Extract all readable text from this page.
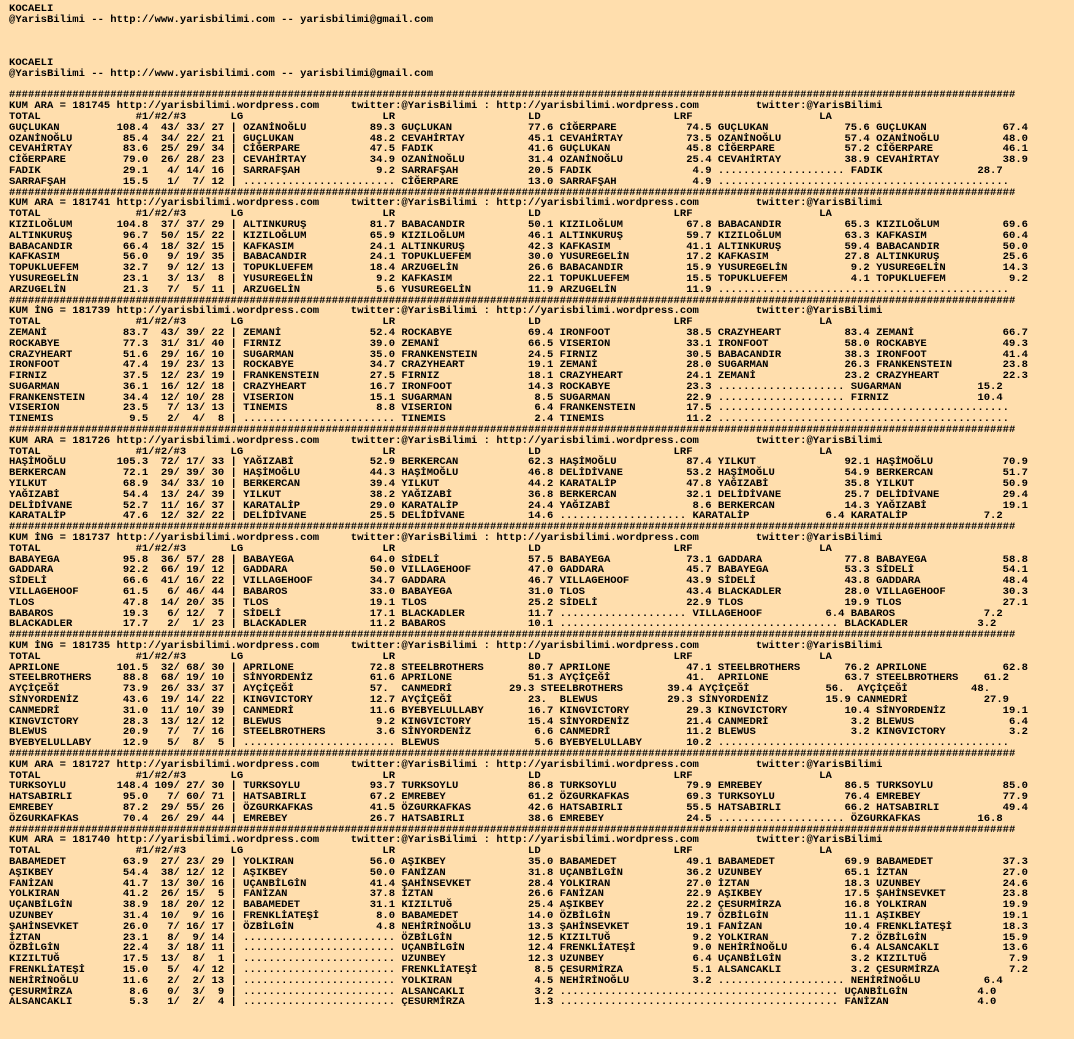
KOCAELI
@YarisBilimi -- http://www.yarisbilimi.com -- yarisbilimi@gmail.com

KOCAELI
@YarisBilimi -- http://www.yarisbilimi.com -- yarisbilimi@gmail.com

###############################################################################################################################################################
KUM ARA = 181745 http://yarisbilimi.wordpress.com     twitter:@YarisBilimi : http://yarisbilimi.wordpress.com         twitter:@YarisBilimi
TOTAL               #1/#2/#3       LG                      LR                     LD                     LRF                    LA
GUÇLUKAN         108.4  43/ 33/ 27 | OZANİNOĞLU          89.3 GUÇLUKAN            77.6 CİĞERPARE           74.5 GUÇLUKAN            75.6 GUÇLUKAN            67.4
OZANİNOĞLU        85.4  34/ 22/ 21 | GUÇLUKAN            48.2 CEVAHİRTAY          45.1 CEVAHİRTAY          73.5 OZANİNOĞLU          57.4 OZANİNOĞLU          48.0
CEVAHİRTAY        83.6  25/ 29/ 34 | CİĞERPARE           47.5 FADIK               41.6 GUÇLUKAN            45.8 CİĞERPARE           57.2 CİĞERPARE           46.1
CİĞERPARE         79.0  26/ 28/ 23 | CEVAHİRTAY          34.9 OZANİNOĞLU          31.4 OZANİNOĞLU          25.4 CEVAHİRTAY          38.9 CEVAHİRTAY          38.9
FADIK             29.1   4/ 14/ 16 | SARRAFŞAH            9.2 SARRAFŞAH           20.5 FADIK                4.9 .................... FADIK               28.7
SARRAFŞAH         15.5   1/  7/ 12 | ........................ CİĞERPARE           13.0 SARRAFŞAH            4.9 ..............................................
###############################################################################################################################################################
KUM ARA = 181741 http://yarisbilimi.wordpress.com     twitter:@YarisBilimi : http://yarisbilimi.wordpress.com         twitter:@YarisBilimi
TOTAL               #1/#2/#3       LG                      LR                     LD                     LRF                    LA
KIZILOĞLUM       104.8  37/ 37/ 29 | ALTINKURUŞ          81.7 BABACANDIR          50.1 KIZILOĞLUM          67.8 BABACANDIR          65.3 KIZILOĞLUM          69.6
ALTINKURUŞ        96.7  50/ 15/ 22 | KIZILOĞLUM          65.9 KIZILOĞLUM          46.1 ALTINKURUŞ          59.7 KIZILOĞLUM          63.3 KAFKASIM            60.4
BABACANDIR        66.4  18/ 32/ 15 | KAFKASIM            24.1 ALTINKURUŞ          42.3 KAFKASIM            41.1 ALTINKURUŞ          59.4 BABACANDIR          50.0
KAFKASIM          56.0   9/ 19/ 35 | BABACANDIR          24.1 TOPUKLUEFEM         30.0 YUSUREGELİN         17.2 KAFKASIM            27.8 ALTINKURUŞ          25.6
TOPUKLUEFEM       32.7   9/ 12/ 13 | TOPUKLUEFEM         18.4 ARZUGELİN           26.6 BABACANDIR          15.9 YUSUREGELİN          9.2 YUSUREGELİN         14.3
YUSUREGELİN       23.1   3/ 13/  8 | YUSUREGELİN          9.2 KAFKASIM            22.1 TOPUKLUEFEM         15.5 TOPUKLUEFEM          4.1 TOPUKLUEFEM          9.2
ARZUGELİN         21.3   7/  5/ 11 | ARZUGELİN            5.6 YUSUREGELİN         11.9 ARZUGELİN           11.9 ..............................................
###############################################################################################################################################################
KUM İNG = 181739 http://yarisbilimi.wordpress.com     twitter:@YarisBilimi : http://yarisbilimi.wordpress.com         twitter:@YarisBilimi
TOTAL               #1/#2/#3       LG                      LR                     LD                     LRF                    LA
ZEMANİ            83.7  43/ 39/ 22 | ZEMANİ              52.4 ROCKABYE            69.4 IRONFOOT            38.5 CRAZYHEART          83.4 ZEMANİ              66.7
ROCKABYE          77.3  31/ 31/ 40 | FIRNIZ              39.0 ZEMANİ              66.5 VISERION            33.1 IRONFOOT            58.0 ROCKABYE            49.3
CRAZYHEART        51.6  29/ 16/ 10 | SUGARMAN            35.0 FRANKENSTEIN        24.5 FIRNIZ              30.5 BABACANDIR          38.3 IRONFOOT            41.4
IRONFOOT          47.4  19/ 23/ 13 | ROCKABYE            34.7 CRAZYHEART          19.1 ZEMANİ              28.0 SUGARMAN            26.3 FRANKENSTEIN        23.8
FIRNIZ            37.5  12/ 23/ 19 | FRANKENSTEIN        27.5 FIRNIZ              18.1 CRAZYHEART          24.1 ZEMANİ              23.2 CRAZYHEART          22.3
SUGARMAN          36.1  16/ 12/ 18 | CRAZYHEART          16.7 IRONFOOT            14.3 ROCKABYE            23.3 .................... SUGARMAN            15.2
FRANKENSTEIN      34.4  12/ 10/ 28 | VISERION            15.1 SUGARMAN             8.5 SUGARMAN            22.9 .................... FIRNIZ              10.4
VISERION          23.5   7/ 13/ 13 | TINEMIS              8.8 VISERION             6.4 FRANKENSTEIN        17.5 ..............................................
TINEMIS            9.5   2/  4/  8 | ........................ TINEMIS              2.4 TINEMIS             11.2 ..............................................
###############################################################################################################################################################
KUM ARA = 181726 http://yarisbilimi.wordpress.com     twitter:@YarisBilimi : http://yarisbilimi.wordpress.com         twitter:@YarisBilimi
TOTAL               #1/#2/#3       LG                      LR                     LD                     LRF                    LA
HAŞİMOĞLU        105.3  72/ 17/ 33 | YAĞIZABİ            52.9 BERKERCAN           62.3 HAŞİMOĞLU           87.4 YILKUT              92.1 HAŞİMOĞLU           70.9
BERKERCAN         72.1  29/ 39/ 30 | HAŞİMOĞLU           44.3 HAŞİMOĞLU           46.8 DELİDİVANE          53.2 HAŞİMOĞLU           54.9 BERKERCAN           51.7
YILKUT            68.9  34/ 33/ 10 | BERKERCAN           39.4 YILKUT              44.2 KARATALİP           47.8 YAĞIZABİ            35.8 YILKUT              50.9
YAĞIZABİ          54.4  13/ 24/ 39 | YILKUT              38.2 YAĞIZABİ            36.8 BERKERCAN           32.1 DELİDİVANE          25.7 DELİDİVANE          29.4
DELİDİVANE        52.7  11/ 16/ 37 | KARATALİP           29.0 KARATALİP           24.4 YAĞIZABİ             8.6 BERKERCAN           14.3 YAĞIZABİ            19.1
KARATALİP         47.6  12/ 32/ 22 | DELİDİVANE          25.5 DELİDİVANE          14.6 .................... KARATALİP            6.4 KARATALİP            7.2
###############################################################################################################################################################
KUM İNG = 181737 http://yarisbilimi.wordpress.com     twitter:@YarisBilimi : http://yarisbilimi.wordpress.com         twitter:@YarisBilimi
TOTAL               #1/#2/#3       LG                      LR                     LD                     LRF                    LA
BABAYEGA          95.8  36/ 57/ 28 | BABAYEGA            64.0 SİDELİ              57.5 BABAYEGA            73.1 GADDARA             77.8 BABAYEGA            58.8
GADDARA           92.2  66/ 19/ 12 | GADDARA             50.0 VILLAGEHOOF         47.0 GADDARA             45.7 BABAYEGA            53.3 SİDELİ              54.1
SİDELİ            66.6  41/ 16/ 22 | VILLAGEHOOF         34.7 GADDARA             46.7 VILLAGEHOOF         43.9 SİDELİ              43.8 GADDARA             48.4
VILLAGEHOOF       61.5   6/ 46/ 44 | BABAROS             33.0 BABAYEGA            31.0 TLOS                43.4 BLACKADLER          28.0 VILLAGEHOOF         30.3
TLOS              47.8  14/ 20/ 35 | TLOS                19.1 TLOS                25.2 SİDELİ              22.9 TLOS                19.9 TLOS                27.1
BABAROS           19.3   6/ 12/  7 | SİDELİ              17.1 BLACKADLER          11.7 .................... VILLAGEHOOF          6.4 BABAROS              7.2
BLACKADLER        17.7   2/  1/ 23 | BLACKADLER          11.2 BABAROS             10.1 ............................................ BLACKADLER           3.2
###############################################################################################################################################################
KUM İNG = 181735 http://yarisbilimi.wordpress.com     twitter:@YarisBilimi : http://yarisbilimi.wordpress.com         twitter:@YarisBilimi
TOTAL               #1/#2/#3       LG                      LR                     LD                     LRF                    LA
APRILONE         101.5  32/ 68/ 30 | APRILONE            72.8 STEELBROTHERS       80.7 APRILONE            47.1 STEELBROTHERS       76.2 APRILONE            62.8
STEELBROTHERS     88.8  68/ 19/ 10 | SİNYORDENİZ         61.6 APRILONE            51.3 AYÇİÇEĞİ            41.  APRILONE            63.7 STEELBROTHERS    61.2
AYÇİÇEĞİ          73.9  26/ 33/ 37 | AYÇİÇEĞİ            57.  CANMEDRİ         29.3 STEELBROTHERS       39.4 AYÇİÇEĞİ            56.  AYÇİÇEĞİ          48.
SİNYORDENİZ       43.6  19/ 14/ 22 | KINGVICTORY         12.7 AYÇİÇEĞİ            23.  BLEWUS           29.3 SİNYORDENİZ         15.9 CANMEDRİ            27.9
CANMEDRİ          31.0  11/ 10/ 39 | CANMEDRİ            11.6 BYEBYELULLABY       16.7 KINGVICTORY         29.3 KINGVICTORY         10.4 SİNYORDENİZ         19.1
KINGVICTORY       28.3  13/ 12/ 12 | BLEWUS               9.2 KINGVICTORY         15.4 SİNYORDENİZ         21.4 CANMEDRİ             3.2 BLEWUS               6.4
BLEWUS            20.9   7/  7/ 16 | STEELBROTHERS        3.6 SİNYORDENİZ          6.6 CANMEDRİ            11.2 BLEWUS               3.2 KINGVICTORY          3.2
BYEBYELULLABY     12.9   5/  8/  5 | ........................ BLEWUS               5.6 BYEBYELULLABY       10.2 ..............................................
###############################################################################################################################################################
KUM ARA = 181727 http://yarisbilimi.wordpress.com     twitter:@YarisBilimi : http://yarisbilimi.wordpress.com         twitter:@YarisBilimi
TOTAL               #1/#2/#3       LG                      LR                     LD                     LRF                    LA
TURKSOYLU        148.4 109/ 27/ 30 | TURKSOYLU           93.7 TURKSOYLU           86.8 TURKSOYLU           79.9 EMREBEY             86.5 TURKSOYLU           85.0
HATSABIRLI        95.0   7/ 60/ 71 | HATSABIRLI          67.2 EMREBEY             61.2 ÖZGURKAFKAS         69.3 TURKSOYLU           76.4 EMREBEY             77.9
EMREBEY           87.2  29/ 55/ 26 | ÖZGURKAFKAS         41.5 ÖZGURKAFKAS         42.6 HATSABIRLI          55.5 HATSABIRLI          66.2 HATSABIRLI          49.4
ÖZGURKAFKAS       70.4  26/ 29/ 44 | EMREBEY             26.7 HATSABIRLI          38.6 EMREBEY             24.5 .................... ÖZGURKAFKAS         16.8
###############################################################################################################################################################
KUM ARA = 181740 http://yarisbilimi.wordpress.com     twitter:@YarisBilimi : http://yarisbilimi.wordpress.com         twitter:@YarisBilimi
TOTAL               #1/#2/#3       LG                      LR                     LD                     LRF                    LA
BABAMEDET         63.9  27/ 23/ 29 | YOLKIRAN            56.0 AŞIKBEY             35.0 BABAMEDET           49.1 BABAMEDET           69.9 BABAMEDET           37.3
AŞIKBEY           54.4  38/ 12/ 12 | AŞIKBEY             50.0 FANİZAN             31.8 UÇANBİLGİN          36.2 UZUNBEY             65.1 İZTAN               27.0
FANİZAN           41.7  13/ 30/ 16 | UÇANBİLGİN          41.4 ŞAHİNSEVKET         28.4 YOLKIRAN            27.0 İZTAN               18.3 UZUNBEY             24.6
YOLKIRAN          41.2  26/ 15/  5 | FANİZAN             37.8 İZTAN               26.6 FANİZAN             22.9 AŞIKBEY             17.5 ŞAHİNSEVKET         23.8
UÇANBİLGİN        38.9  18/ 20/ 12 | BABAMEDET           31.1 KIZILTUĞ            25.4 AŞIKBEY             22.2 ÇESURMİRZA          16.8 YOLKIRAN            19.9
UZUNBEY           31.4  10/  9/ 16 | FRENKLİATEŞİ         8.0 BABAMEDET           14.0 ÖZBİLGİN            19.7 ÖZBİLGİN            11.1 AŞIKBEY             19.1
ŞAHİNSEVKET       26.0   7/ 16/ 17 | ÖZBİLGİN             4.8 NEHİRİNOĞLU         13.3 ŞAHİNSEVKET         19.1 FANİZAN             10.4 FRENKLİATEŞİ        18.3
İZTAN             23.1   8/  9/ 14 | ........................ ÖZBİLGİN            12.5 KIZILTUĞ             9.2 YOLKIRAN             7.2 ÖZBİLGİN            15.9
ÖZBİLGİN          22.4   3/ 18/ 11 | ........................ UÇANBİLGİN          12.4 FRENKLİATEŞİ         9.0 NEHİRİNOĞLU          6.4 ALSANCAKLI          13.6
KIZILTUĞ          17.5  13/  8/  1 | ........................ UZUNBEY             12.3 UZUNBEY              6.4 UÇANBİLGİN           3.2 KIZILTUĞ             7.9
FRENKLİATEŞİ      15.0   5/  4/ 12 | ........................ FRENKLİATEŞİ         8.5 ÇESURMİRZA           5.1 ALSANCAKLI           3.2 ÇESURMİRZA           7.2
NEHİRİNOĞLU       11.6   2/  2/ 13 | ........................ YOLKIRAN             4.5 NEHİRİNOĞLU          3.2 .................... NEHİRİNOĞLU          6.4
ÇESURMİRZA         8.6   0/  3/  9 | ........................ ALSANCAKLI           3.2 ............................................ UÇANBİLGİN           4.0
ALSANCAKLI         5.3   1/  2/  4 | ........................ ÇESURMİRZA           1.3 ............................................ FANİZAN              4.0
